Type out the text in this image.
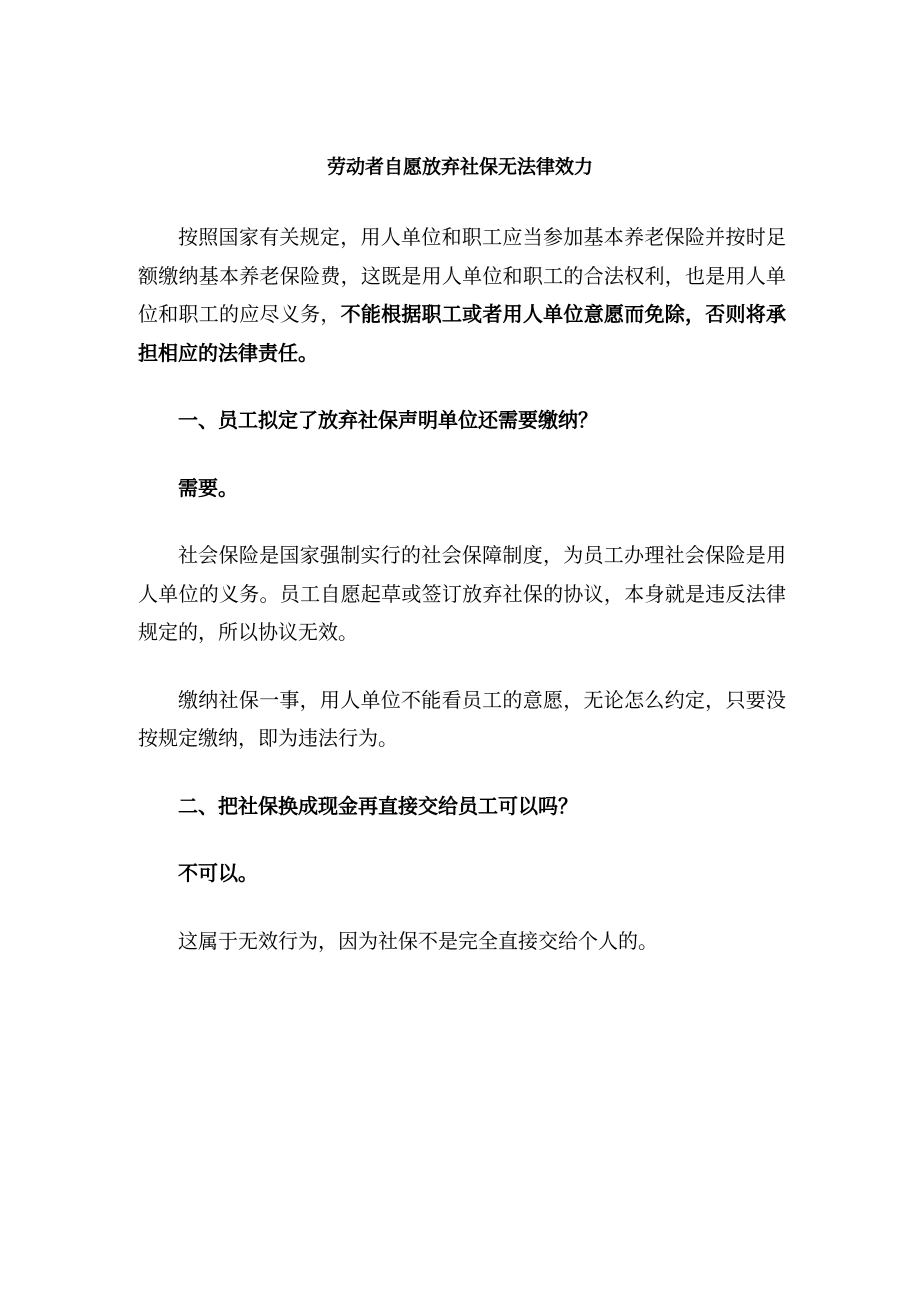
劳动者自愿放弃社保无法律效力

按照国家有关规定，用人单位和职工应当参加基本养老保险并按时足额缴纳基本养老保险费，这既是用人单位和职工的合法权利，也是用人单位和职工的应尽义务，不能根据职工或者用人单位意愿而免除，否则将承担相应的法律责任。

一、员工拟定了放弃社保声明单位还需要缴纳？

需要。

社会保险是国家强制实行的社会保障制度，为员工办理社会保险是用人单位的义务。员工自愿起草或签订放弃社保的协议，本身就是违反法律规定的，所以协议无效。

缴纳社保一事，用人单位不能看员工的意愿，无论怎么约定，只要没按规定缴纳，即为违法行为。

二、把社保换成现金再直接交给员工可以吗？

不可以。

这属于无效行为，因为社保不是完全直接交给个人的。
